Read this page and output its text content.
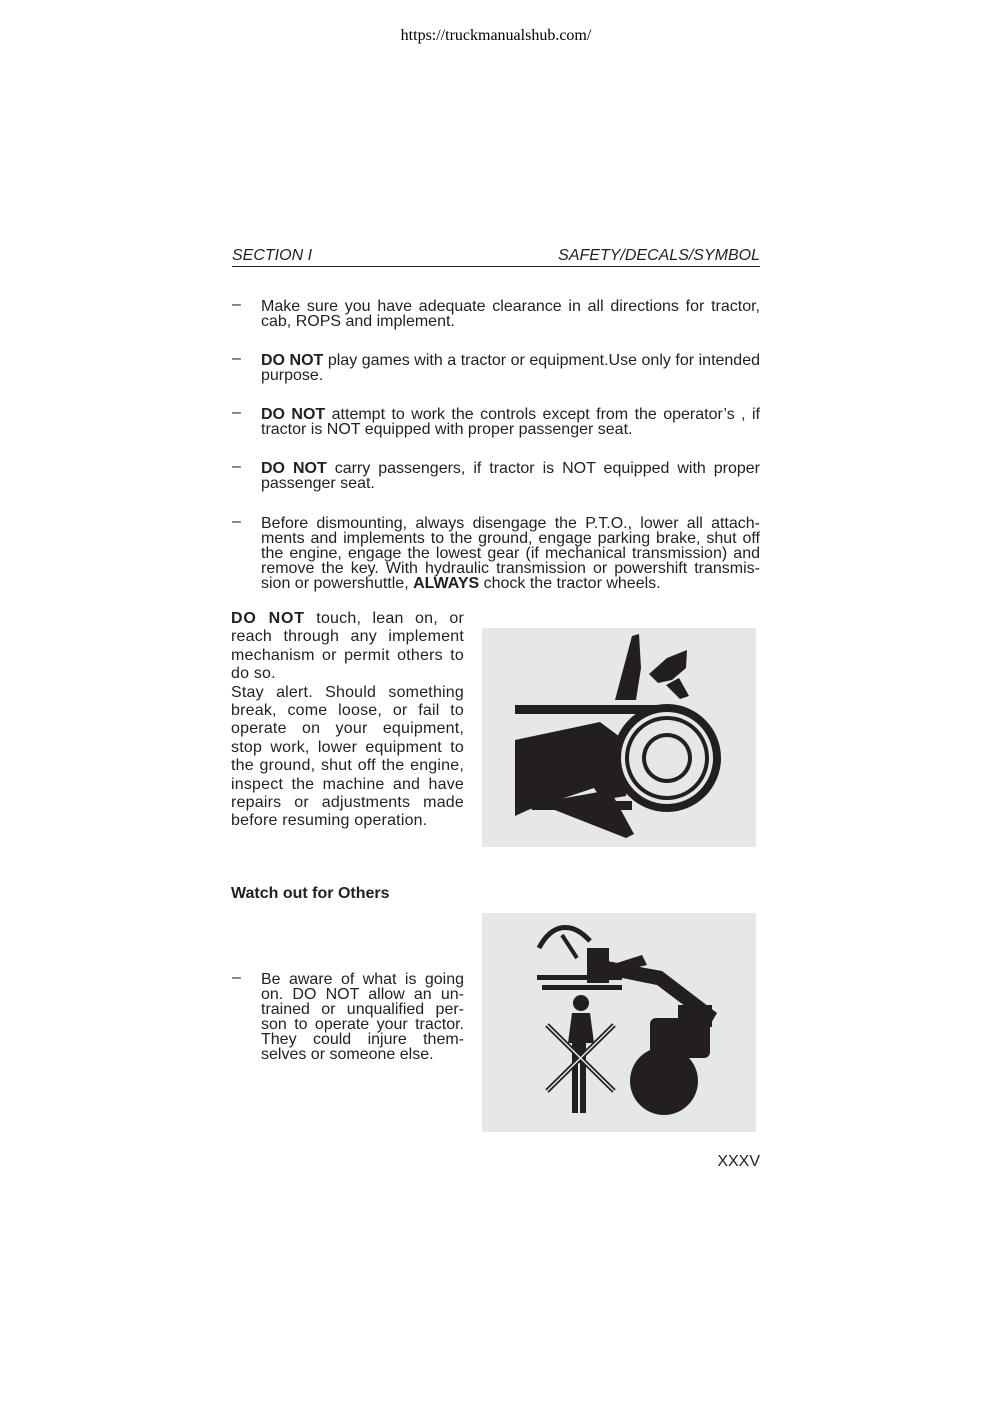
https://truckmanualshub.com/
SECTION I	SAFETY/DECALS/SYMBOL
–	Make sure you have adequate clearance in all directions for tractor, cab, ROPS and implement.
–	DO NOT play games with a tractor or equipment.Use only for intended purpose.
–	DO NOT attempt to work the controls except from the operator’s , if tractor is NOT equipped with proper passenger seat.
–	DO NOT carry passengers, if tractor is NOT equipped with proper passenger seat.
–	Before dismounting, always disengage the P.T.O., lower all attach-ments and implements to the ground, engage parking brake, shut off the engine, engage the lowest gear (if mechanical transmission) and remove the key. With hydraulic transmission or powershift transmis-sion or powershuttle, ALWAYS chock the tractor wheels.

DO NOT touch, lean on, or reach through any implement mechanism or permit others to do so.

Stay alert. Should something break, come loose, or fail to operate on your equipment, stop work, lower equipment to the ground, shut off the engine, inspect the machine and have repairs or adjustments made before resuming operation.

Watch out for Others
–	Be aware of what is going on. DO NOT allow an un-trained or unqualified per-son to operate your tractor. They could injure them-selves or someone else.
XXXV
